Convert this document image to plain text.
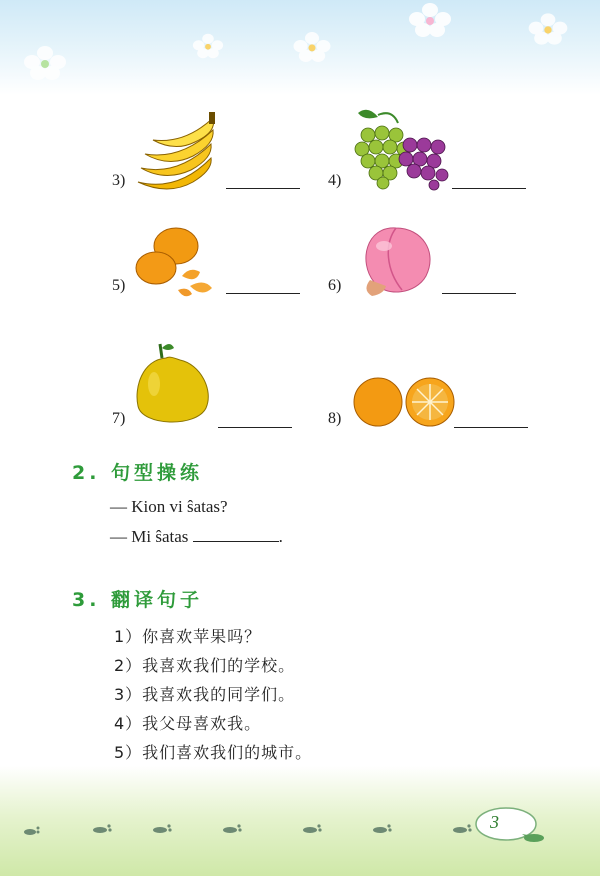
3
3)	4)
5)	6)
7)	8)
2. 句型操练
— Kion vi ŝatas?
— Mi ŝatas	.
3. 翻译句子
1）你喜欢苹果吗？
2）我喜欢我们的学校。
3）我喜欢我的同学们。
4）我父母喜欢我。
5）我们喜欢我们的城市。
